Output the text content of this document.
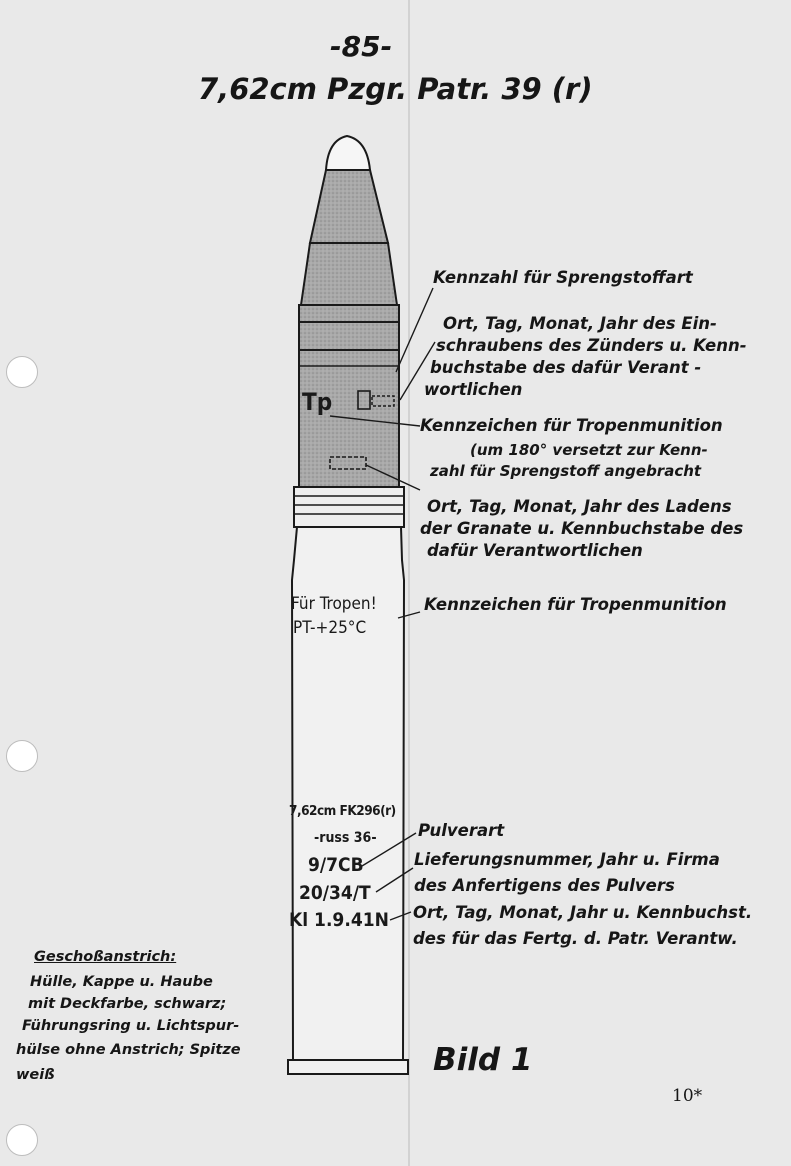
-85-
7,62cm Pzgr. Patr. 39 (r)
Tp
Für Tropen!
PT-+25°C
7,62cm FK296(r)
-russ 36-
9/7CB
20/34/T
Kl 1.9.41N
Kennzahl für Sprengstoffart
Ort, Tag, Monat, Jahr des Ein-
schraubens des Zünders u. Kenn-
buchstabe des dafür Verant -
wortlichen
Kennzeichen für Tropenmunition
(um 180° versetzt zur Kenn-
zahl für Sprengstoff angebracht
Ort, Tag, Monat, Jahr des Ladens
der Granate u. Kennbuchstabe des
dafür Verantwortlichen
Kennzeichen für Tropenmunition
Pulverart
Lieferungsnummer, Jahr u. Firma
des Anfertigens des Pulvers
Ort, Tag, Monat, Jahr u. Kennbuchst.
des für das Fertg. d. Patr. Verantw.
Geschoßanstrich:
Hülle, Kappe u. Haube
mit Deckfarbe, schwarz;
Führungsring u. Lichtspur-
hülse ohne Anstrich; Spitze
weiß	Bild 1
10*
